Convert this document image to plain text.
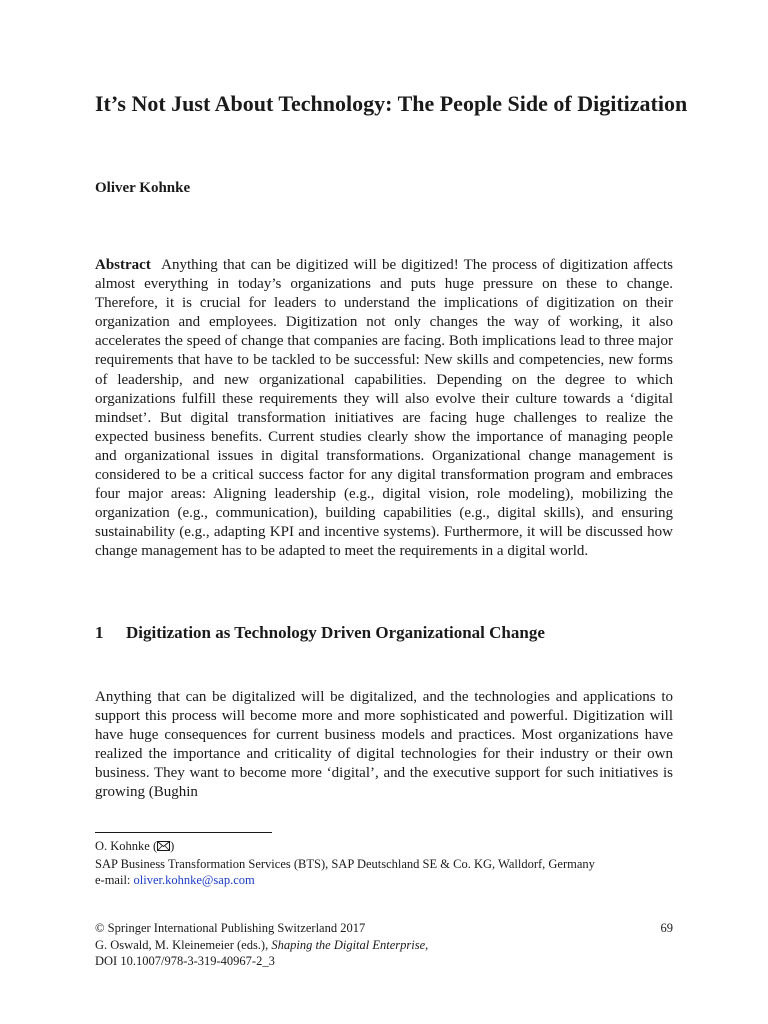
It’s Not Just About Technology: The People Side of Digitization

Oliver Kohnke

Abstract Anything that can be digitized will be digitized! The process of digitization affects almost everything in today’s organizations and puts huge pressure on these to change. Therefore, it is crucial for leaders to understand the implications of digitization on their organization and employees. Digitization not only changes the way of working, it also accelerates the speed of change that companies are facing. Both implications lead to three major requirements that have to be tackled to be successful: New skills and competencies, new forms of leadership, and new organizational capabilities. Depending on the degree to which organizations fulfill these requirements they will also evolve their culture towards a ‘digital mindset’. But digital transformation initiatives are facing huge challenges to realize the expected business benefits. Current studies clearly show the importance of managing people and organizational issues in digital transformations. Organizational change management is considered to be a critical success factor for any digital transformation program and embraces four major areas: Aligning leadership (e.g., digital vision, role modeling), mobilizing the organization (e.g., communication), building capabilities (e.g., digital skills), and ensuring sustainability (e.g., adapting KPI and incentive systems). Furthermore, it will be discussed how change management has to be adapted to meet the requirements in a digital world.

1 Digitization as Technology Driven Organizational Change

Anything that can be digitalized will be digitalized, and the technologies and applications to support this process will become more and more sophisticated and powerful. Digitization will have huge consequences for current business models and practices. Most organizations have realized the importance and criticality of digital technologies for their industry or their own business. They want to become more ‘digital’, and the executive support for such initiatives is growing (Bughin

O. Kohnke ( )
SAP Business Transformation Services (BTS), SAP Deutschland SE & Co. KG, Walldorf, Germany
e-mail: oliver.kohnke@sap.com
69
© Springer International Publishing Switzerland 2017
G. Oswald, M. Kleinemeier (eds.), Shaping the Digital Enterprise,
DOI 10.1007/978-3-319-40967-2_3
